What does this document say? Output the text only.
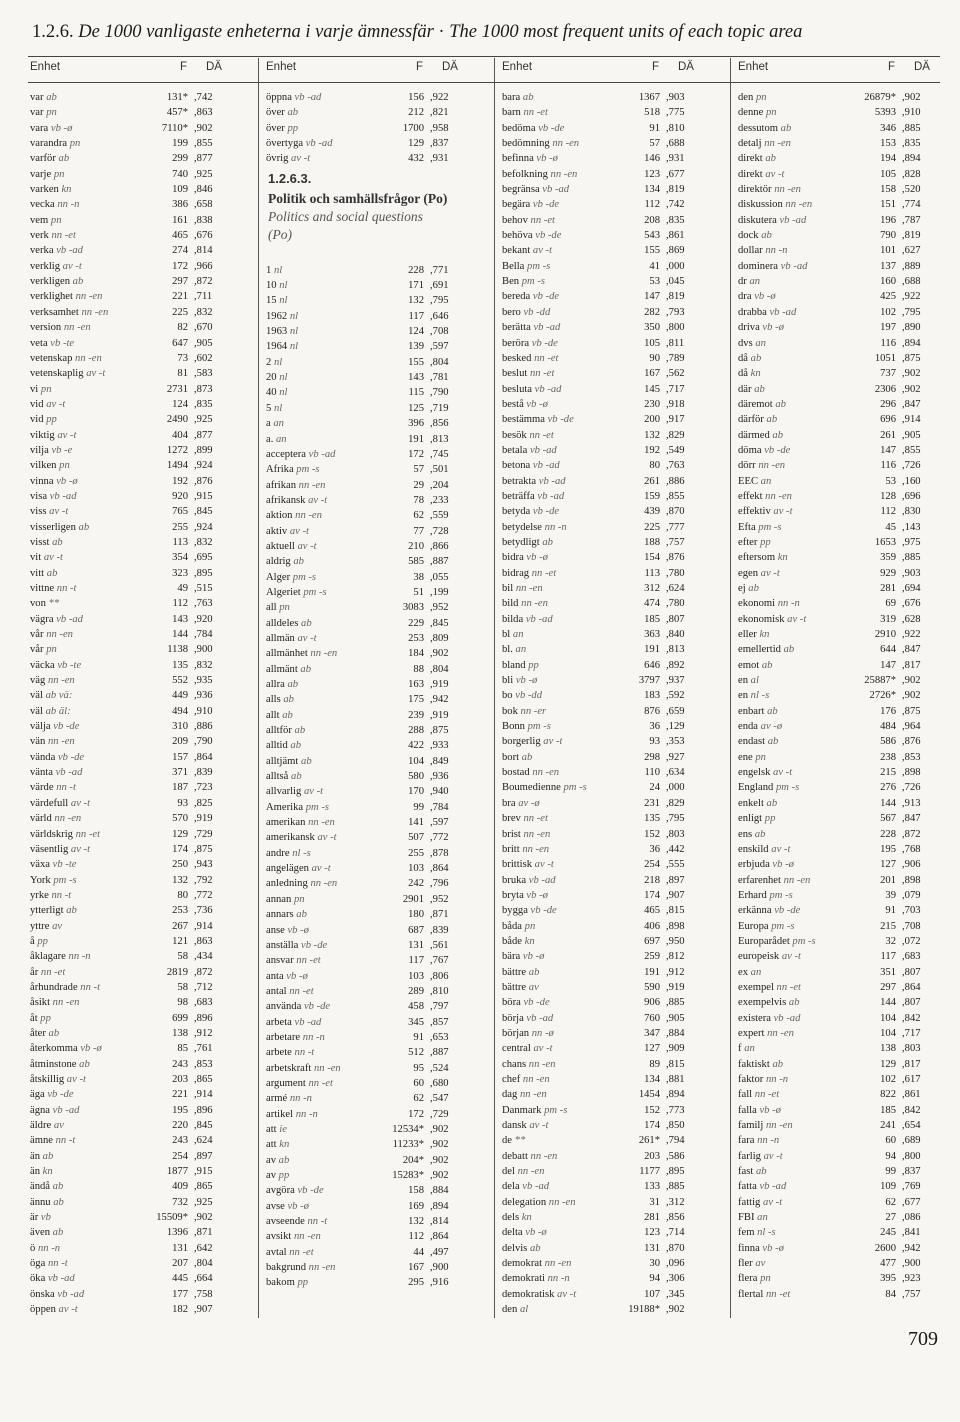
1.2.6. De 1000 vanligaste enheterna i varje ämnessfär · The 1000 most frequent units of each topic area
var ab	131* ,742
var pn	457* ,863
vara vb -ø	7110* ,902
varandra pn	199 ,855
varför ab	299 ,877
varje pn	740 ,925
varken kn	109 ,846
vecka nn -n	386 ,658
vem pn	161 ,838
verk nn -et	465 ,676
verka vb -ad	274 ,814
verklig av -t	172 ,966
verkligen ab	297 ,872
verklighet nn -en	221 ,711
verksamhet nn -en	225 ,832
version nn -en	82 ,670
veta vb -te	647 ,905
vetenskap nn -en	73 ,602
vetenskaplig av -t	81 ,583
vi pn	2731 ,873
vid av -t	124 ,835
vid pp	2490 ,925
viktig av -t	404 ,877
vilja vb -e	1272 ,899
vilken pn	1494 ,924
vinna vb -ø	192 ,876
visa vb -ad	920 ,915
viss av -t	765 ,845
visserligen ab	255 ,924
visst ab	113 ,832
vit av -t	354 ,695
vitt ab	323 ,895
vittne nn -t	49 ,515
von **	112 ,763
vägra vb -ad	143 ,920
vår nn -en	144 ,784
vår pn	1138 ,900
väcka vb -te	135 ,832
väg nn -en	552 ,935
väl ab vä:	449 ,936
väl ab äl:	494 ,910
välja vb -de	310 ,886
vän nn -en	209 ,790
vända vb -de	157 ,864
vänta vb -ad	371 ,839
värde nn -t	187 ,723
värdefull av -t	93 ,825
värld nn -en	570 ,919
världskrig nn -et	129 ,729
väsentlig av -t	174 ,875
växa vb -te	250 ,943
York pm -s	132 ,792
yrke nn -t	80 ,772
ytterligt ab	253 ,736
yttre av	267 ,914
å pp	121 ,863
åklagare nn -n	58 ,434
år nn -et	2819 ,872
århundrade nn -t	58 ,712
åsikt nn -en	98 ,683
åt pp	699 ,896
åter ab	138 ,912
återkomma vb -ø	85 ,761
åtminstone ab	243 ,853
åtskillig av -t	203 ,865
äga vb -de	221 ,914
ägna vb -ad	195 ,896
äldre av	220 ,845
ämne nn -t	243 ,624
än ab	254 ,897
än kn	1877 ,915
ändå ab	409 ,865
ännu ab	732 ,925
är vb	15509* ,902
även ab	1396 ,871
ö nn -n	131 ,642
öga nn -t	207 ,804
öka vb -ad	445 ,664
önska vb -ad	177 ,758
öppen av -t	182 ,907
öppna vb -ad	156 ,922
över ab	212 ,821
över pp	1700 ,958
övertyga vb -ad	129 ,837
övrig av -t	432 ,931
1.2.6.3.
Politik och samhällsfrågor (Po)
Politics and social questions
(Po)
1 nl	228 ,771
10 nl	171 ,691
15 nl	132 ,795
1962 nl	117 ,646
1963 nl	124 ,708
1964 nl	139 ,597
2 nl	155 ,804
20 nl	143 ,781
40 nl	115 ,790
5 nl	125 ,719
a an	396 ,856
a. an	191 ,813
acceptera vb -ad	172 ,745
Afrika pm -s	57 ,501
afrikan nn -en	29 ,204
afrikansk av -t	78 ,233
aktion nn -en	62 ,559
aktiv av -t	77 ,728
aktuell av -t	210 ,866
aldrig ab	585 ,887
Alger pm -s	38 ,055
Algeriet pm -s	51 ,199
all pn	3083 ,952
alldeles ab	229 ,845
allmän av -t	253 ,809
allmänhet nn -en	184 ,902
allmänt ab	88 ,804
allra ab	163 ,919
alls ab	175 ,942
allt ab	239 ,919
alltför ab	288 ,875
alltid ab	422 ,933
alltjämt ab	104 ,849
alltså ab	580 ,936
allvarlig av -t	170 ,940
Amerika pm -s	99 ,784
amerikan nn -en	141 ,597
amerikansk av -t	507 ,772
andre nl -s	255 ,878
angelägen av -t	103 ,864
anledning nn -en	242 ,796
annan pn	2901 ,952
annars ab	180 ,871
anse vb -ø	687 ,839
anställa vb -de	131 ,561
ansvar nn -et	117 ,767
anta vb -ø	103 ,806
antal nn -et	289 ,810
använda vb -de	458 ,797
arbeta vb -ad	345 ,857
arbetare nn -n	91 ,653
arbete nn -t	512 ,887
arbetskraft nn -en	95 ,524
argument nn -et	60 ,680
armé nn -n	62 ,547
artikel nn -n	172 ,729
att ie	12534* ,902
att kn	11233* ,902
av ab	204* ,902
av pp	15283* ,902
avgöra vb -de	158 ,884
avse vb -ø	169 ,894
avseende nn -t	132 ,814
avsikt nn -en	112 ,864
avtal nn -et	44 ,497
bakgrund nn -en	167 ,900
bakom pp	295 ,916
bara ab	1367 ,903
barn nn -et	518 ,775
bedöma vb -de	91 ,810
bedömning nn -en	57 ,688
befinna vb -ø	146 ,931
befolkning nn -en	123 ,677
begränsa vb -ad	134 ,819
begära vb -de	112 ,742
behov nn -et	208 ,835
behöva vb -de	543 ,861
bekant av -t	155 ,869
Bella pm -s	41 ,000
Ben pm -s	53 ,045
bereda vb -de	147 ,819
bero vb -dd	282 ,793
berätta vb -ad	350 ,800
beröra vb -de	105 ,811
besked nn -et	90 ,789
beslut nn -et	167 ,562
besluta vb -ad	145 ,717
bestå vb -ø	230 ,918
bestämma vb -de	200 ,917
besök nn -et	132 ,829
betala vb -ad	192 ,549
betona vb -ad	80 ,763
betrakta vb -ad	261 ,886
beträffa vb -ad	159 ,855
betyda vb -de	439 ,870
betydelse nn -n	225 ,777
betydligt ab	188 ,757
bidra vb -ø	154 ,876
bidrag nn -et	113 ,780
bil nn -en	312 ,624
bild nn -en	474 ,780
bilda vb -ad	185 ,807
bl an	363 ,840
bl. an	191 ,813
bland pp	646 ,892
bli vb -ø	3797 ,937
bo vb -dd	183 ,592
bok nn -er	876 ,659
Bonn pm -s	36 ,129
borgerlig av -t	93 ,353
bort ab	298 ,927
bostad nn -en	110 ,634
Boumedienne pm -s	24 ,000
bra av -ø	231 ,829
brev nn -et	135 ,795
brist nn -en	152 ,803
britt nn -en	36 ,442
brittisk av -t	254 ,555
bruka vb -ad	218 ,897
bryta vb -ø	174 ,907
bygga vb -de	465 ,815
båda pn	406 ,898
både kn	697 ,950
bära vb -ø	259 ,812
bättre ab	191 ,912
bättre av	590 ,919
böra vb -de	906 ,885
börja vb -ad	760 ,905
början nn -ø	347 ,884
central av -t	127 ,909
chans nn -en	89 ,815
chef nn -en	134 ,881
dag nn -en	1454 ,894
Danmark pm -s	152 ,773
dansk av -t	174 ,850
de **	261* ,794
debatt nn -en	203 ,586
del nn -en	1177 ,895
dela vb -ad	133 ,885
delegation nn -en	31 ,312
dels kn	281 ,856
delta vb -ø	123 ,714
delvis ab	131 ,870
demokrat nn -en	30 ,096
demokrati nn -n	94 ,306
demokratisk av -t	107 ,345
den al	19188* ,902
den pn	26879* ,902
denne pn	5393 ,910
dessutom ab	346 ,885
detalj nn -en	153 ,835
direkt ab	194 ,894
direkt av -t	105 ,828
direktör nn -en	158 ,520
diskussion nn -en	151 ,774
diskutera vb -ad	196 ,787
dock ab	790 ,819
dollar nn -n	101 ,627
dominera vb -ad	137 ,889
dr an	160 ,688
dra vb -ø	425 ,922
drabba vb -ad	102 ,795
driva vb -ø	197 ,890
dvs an	116 ,894
då ab	1051 ,875
då kn	737 ,902
där ab	2306 ,902
däremot ab	296 ,847
därför ab	696 ,914
därmed ab	261 ,905
döma vb -de	147 ,855
dörr nn -en	116 ,726
EEC an	53 ,160
effekt nn -en	128 ,696
effektiv av -t	112 ,830
Efta pm -s	45 ,143
efter pp	1653 ,975
eftersom kn	359 ,885
egen av -t	929 ,903
ej ab	281 ,694
ekonomi nn -n	69 ,676
ekonomisk av -t	319 ,628
eller kn	2910 ,922
emellertid ab	644 ,847
emot ab	147 ,817
en al	25887* ,902
en nl -s	2726* ,902
enbart ab	176 ,875
enda av -ø	484 ,964
endast ab	586 ,876
ene pn	238 ,853
engelsk av -t	215 ,898
England pm -s	276 ,726
enkelt ab	144 ,913
enligt pp	567 ,847
ens ab	228 ,872
enskild av -t	195 ,768
erbjuda vb -ø	127 ,906
erfarenhet nn -en	201 ,898
Erhard pm -s	39 ,079
erkänna vb -de	91 ,703
Europa pm -s	215 ,708
Europarådet pm -s	32 ,072
europeisk av -t	117 ,683
ex an	351 ,807
exempel nn -et	297 ,864
exempelvis ab	144 ,807
existera vb -ad	104 ,842
expert nn -en	104 ,717
f an	138 ,803
faktiskt ab	129 ,817
faktor nn -n	102 ,617
fall nn -et	822 ,861
falla vb -ø	185 ,842
familj nn -en	241 ,654
fara nn -n	60 ,689
farlig av -t	94 ,800
fast ab	99 ,837
fatta vb -ad	109 ,769
fattig av -t	62 ,677
FBI an	27 ,086
fem nl -s	245 ,841
finna vb -ø	2600 ,942
fler av	477 ,900
flera pn	395 ,923
flertal nn -et	84 ,757
709
Enhet	F DÄ	Enhet	F DÄ	Enhet	F DÄ	Enhet	F DÄ
